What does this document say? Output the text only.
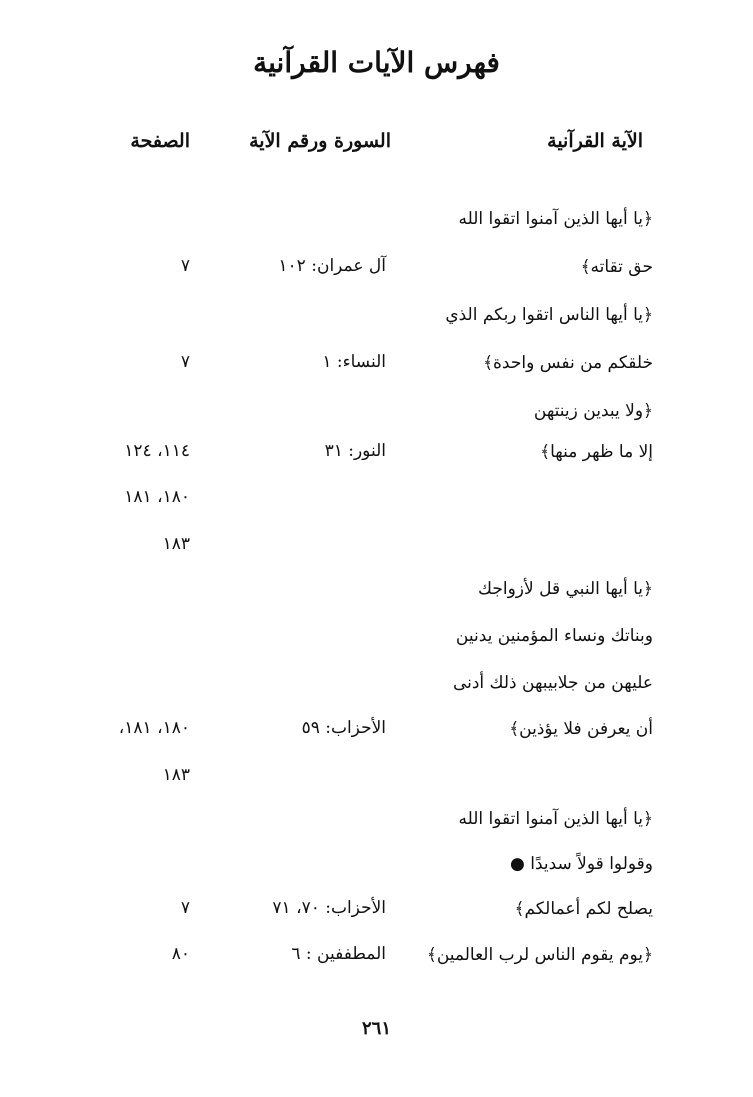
فهرس الآيات القرآنية
الآية القرآنية
السورة ورقم الآية
الصفحة
﴿يا أيها الذين آمنوا اتقوا الله
حق تقاته﴾
آل عمران: ١٠٢
٧
﴿يا أيها الناس اتقوا ربكم الذي
خلقكم من نفس واحدة﴾
النساء: ١
٧
﴿ولا يبدين زينتهن
إلا ما ظهر منها﴾
النور: ٣١
١١٤، ١٢٤
١٨٠، ١٨١
١٨٣
﴿يا أيها النبي قل لأزواجك
وبناتك ونساء المؤمنين يدنين
عليهن من جلابيبهن ذلك أدنى
أن يعرفن فلا يؤذين﴾
الأحزاب: ٥٩
١٨٠، ١٨١،
١٨٣
﴿يا أيها الذين آمنوا اتقوا الله
وقولوا قولاً سديدًا ●
يصلح لكم أعمالكم﴾
الأحزاب: ٧٠، ٧١
٧
﴿يوم يقوم الناس لرب العالمين﴾
المطففين : ٦
٨٠
٢٦١
